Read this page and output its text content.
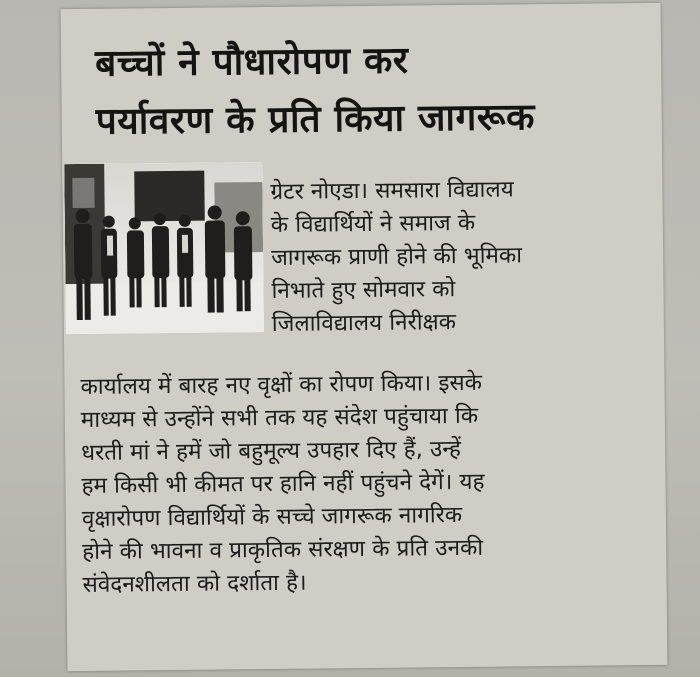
बच्चों ने पौधारोपण कर
पर्यावरण के प्रति किया जागरूक

ग्रेटर नोएडा। समसारा विद्यालय

के विद्यार्थियों ने समाज के

जागरूक प्राणी होने की भूमिका

निभाते हुए सोमवार को

जिलाविद्यालय निरीक्षक

कार्यालय में बारह नए वृक्षों का रोपण किया। इसके

माध्यम से उन्होंने सभी तक यह संदेश पहुंचाया कि

धरती मां ने हमें जो बहुमूल्य उपहार दिए हैं, उन्हें

हम किसी भी कीमत पर हानि नहीं पहुंचने देगें। यह

वृक्षारोपण विद्यार्थियों के सच्चे जागरूक नागरिक

होने की भावना व प्राकृतिक संरक्षण के प्रति उनकी

संवेदनशीलता को दर्शाता है।
